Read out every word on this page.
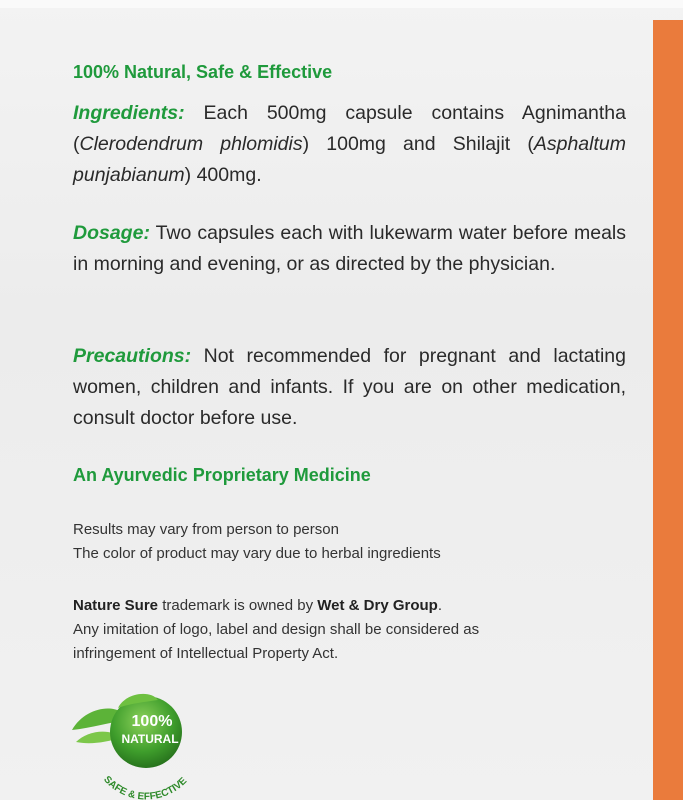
100% Natural, Safe & Effective

Ingredients: Each 500mg capsule contains Agnimantha (Clerodendrum phlomidis) 100mg and Shilajit (Asphaltum punjabianum) 400mg.

Dosage: Two capsules each with lukewarm water before meals in morning and evening, or as directed by the physician.

Precautions: Not recommended for pregnant and lactating women, children and infants. If you are on other medication, consult doctor before use.

An Ayurvedic Proprietary Medicine
Results may vary from person to person
The color of product may vary due to herbal ingredients
Nature Sure trademark is owned by Wet & Dry Group.
Any imitation of logo, label and design shall be considered as
infringement of Intellectual Property Act.
100%
NATURAL
SAFE & EFFECTIVE
